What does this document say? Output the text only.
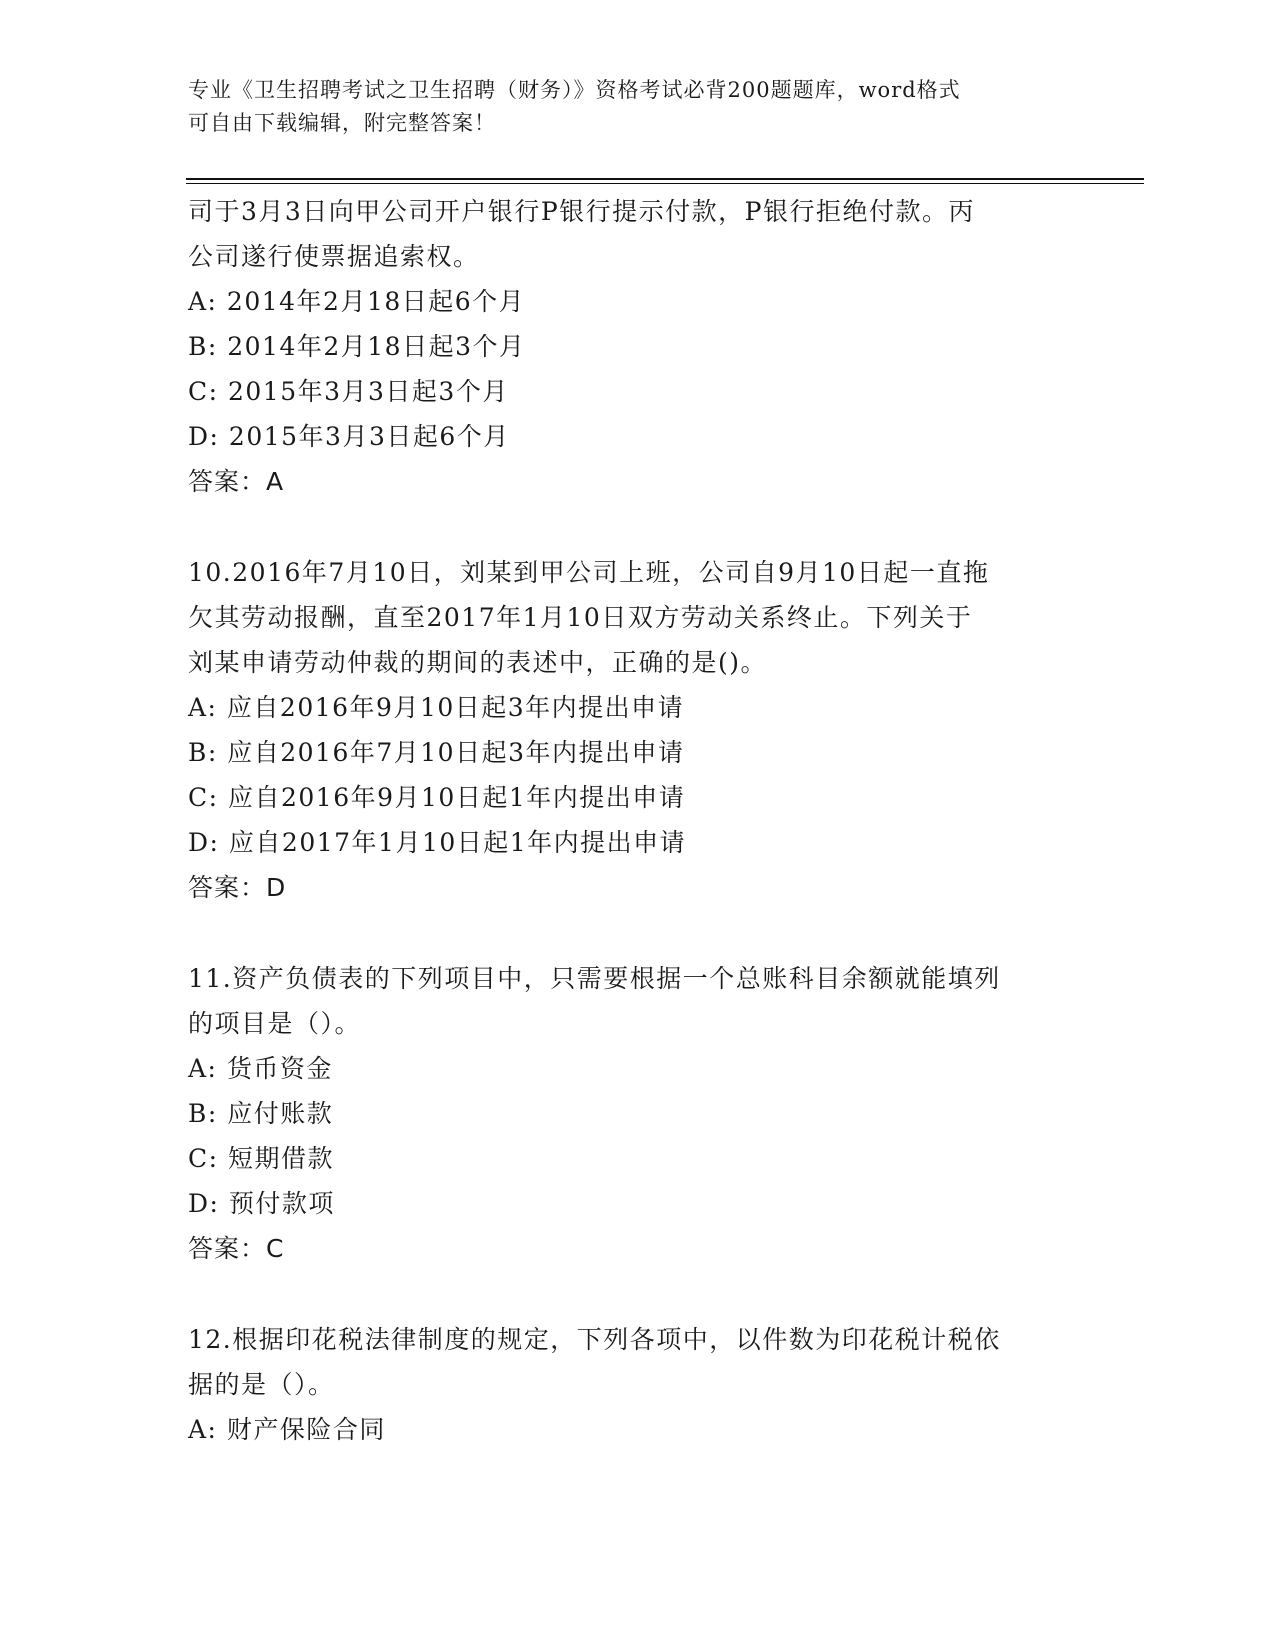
专业《卫生招聘考试之卫生招聘（财务）》资格考试必背200题题库，word格式
可自由下载编辑，附完整答案！
司于3月3日向甲公司开户银行P银行提示付款，P银行拒绝付款。丙
公司遂行使票据追索权。
A: 2014年2月18日起6个月
B: 2014年2月18日起3个月
C: 2015年3月3日起3个月
D: 2015年3月3日起6个月
答案：A
10.2016年7月10日，刘某到甲公司上班，公司自9月10日起一直拖
欠其劳动报酬，直至2017年1月10日双方劳动关系终止。下列关于
刘某申请劳动仲裁的期间的表述中，正确的是()。
A: 应自2016年9月10日起3年内提出申请
B: 应自2016年7月10日起3年内提出申请
C: 应自2016年9月10日起1年内提出申请
D: 应自2017年1月10日起1年内提出申请
答案：D
11.资产负债表的下列项目中，只需要根据一个总账科目余额就能填列
的项目是（）。
A: 货币资金
B: 应付账款
C: 短期借款
D: 预付款项
答案：C
12.根据印花税法律制度的规定，下列各项中，以件数为印花税计税依
据的是（）。
A: 财产保险合同
